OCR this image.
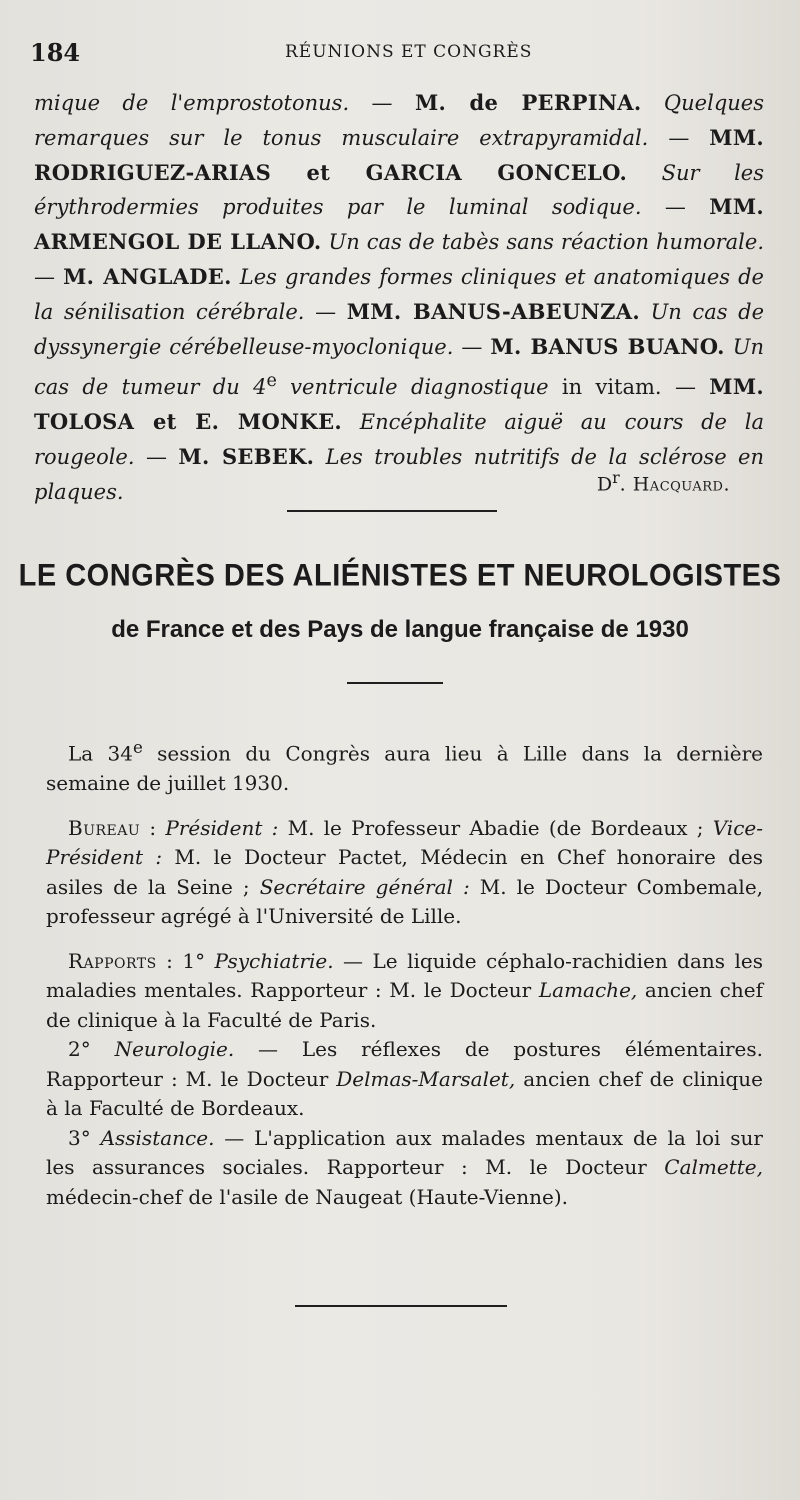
184	RÉUNIONS ET CONGRÈS
mique de l'emprostotonus. — M. de PERPINA. Quelques remarques sur le tonus musculaire extrapyramidal. — MM. RODRIGUEZ-ARIAS et GARCIA GONCELO. Sur les érythrodermies produites par le luminal sodique. — MM. ARMENGOL DE LLANO. Un cas de tabès sans réaction humorale. — M. ANGLADE. Les grandes formes cliniques et anatomiques de la sénilisation cérébrale. — MM. BANUS-ABEUNZA. Un cas de dyssynergie cérébelleuse-myoclonique. — M. BANUS BUANO. Un cas de tumeur du 4e ventricule diagnostique in vitam. — MM. TOLOSA et E. MONKE. Encéphalite aiguë au cours de la rougeole. — M. SEBEK. Les troubles nutritifs de la sclérose en plaques.	$D^r$. Hacquard.
LE CONGRÈS DES ALIÉNISTES ET NEUROLOGISTES
de France et des Pays de langue française de 1930

La 34e session du Congrès aura lieu à Lille dans la dernière semaine de juillet 1930.

Bureau : Président : M. le Professeur Abadie (de Bordeaux ; Vice-Président : M. le Docteur Pactet, Médecin en Chef honoraire des asiles de la Seine ; Secrétaire général : M. le Docteur Combemale, professeur agrégé à l'Université de Lille.

Rapports : 1° Psychiatrie. — Le liquide céphalo-rachidien dans les maladies mentales. Rapporteur : M. le Docteur Lamache, ancien chef de clinique à la Faculté de Paris.

2° Neurologie. — Les réflexes de postures élémentaires. Rapporteur : M. le Docteur Delmas-Marsalet, ancien chef de clinique à la Faculté de Bordeaux.

3° Assistance. — L'application aux malades mentaux de la loi sur les assurances sociales. Rapporteur : M. le Docteur Calmette, médecin-chef de l'asile de Naugeat (Haute-Vienne).
